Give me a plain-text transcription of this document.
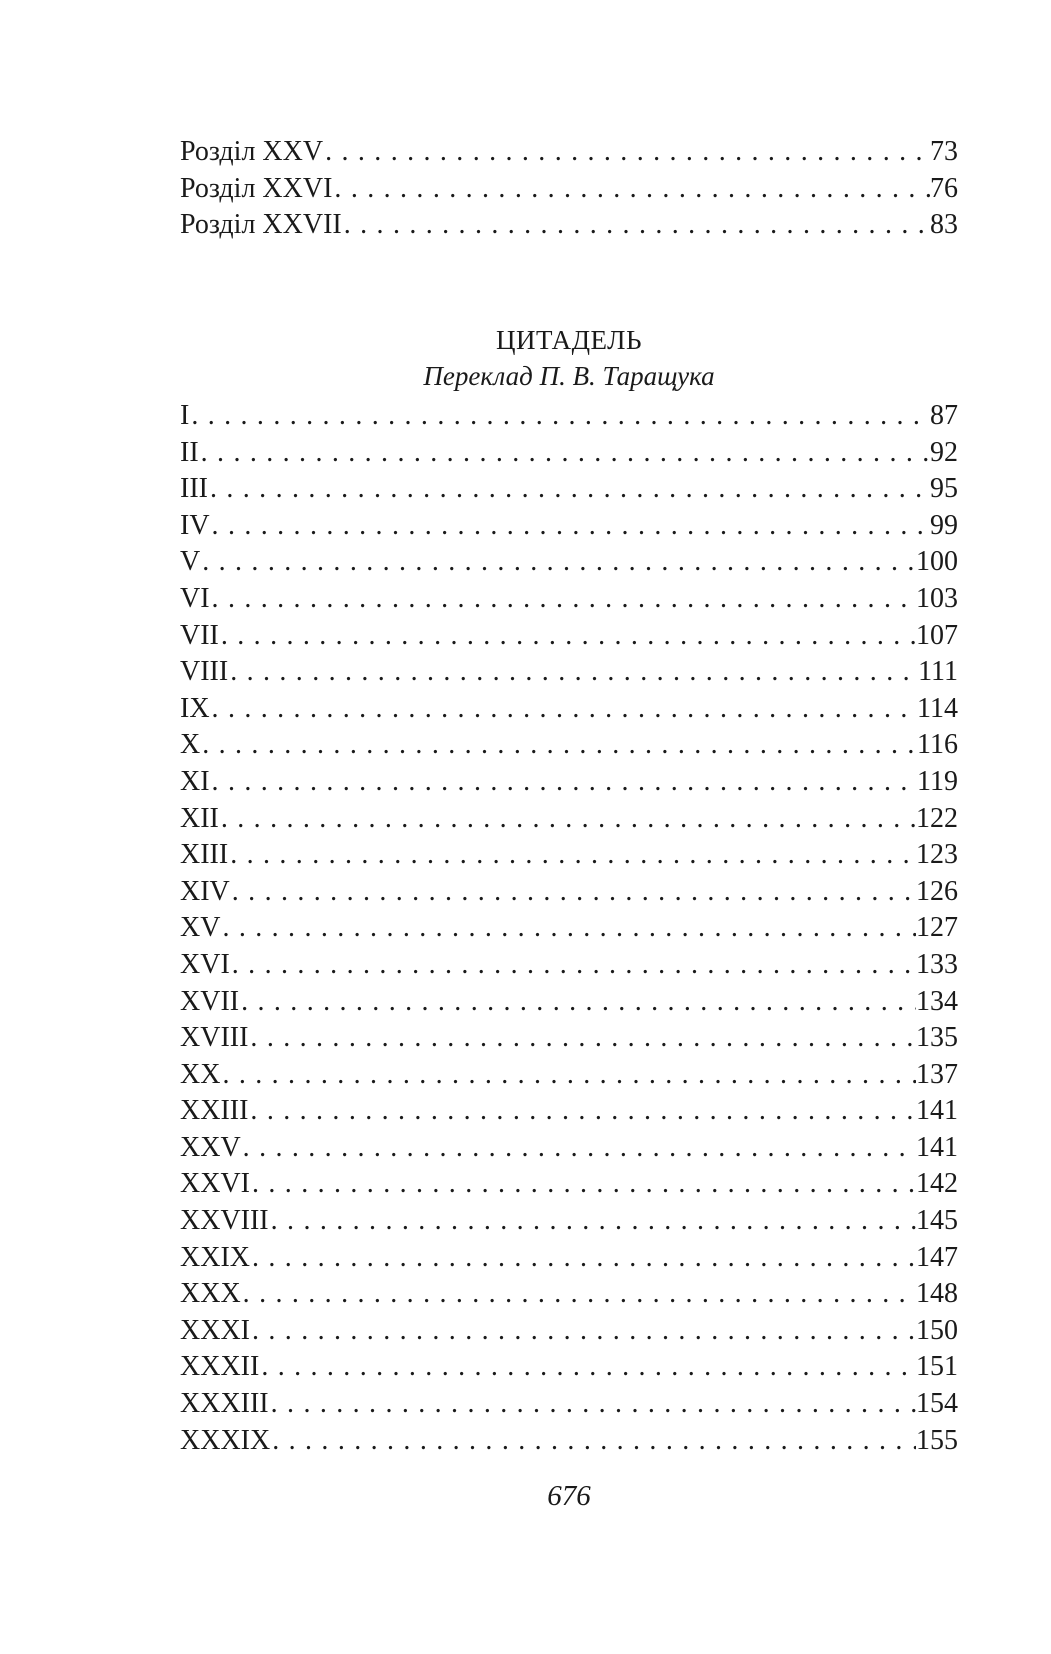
Розділ XXV . . .	73
Розділ XXVI . . .	76
Розділ XXVII . . .	83
ЦИТАДЕЛЬ
Переклад П. В. Таращука
I . . .	87
II . . .	92
III . . .	95
IV . . .	99
V . . .	100
VI . . .	103
VII . . .	107
VIII . . .	111
IX . . .	114
X . . .	116
XI . . .	119
XII . . .	122
XIII . . .	123
XIV . . .	126
XV . . .	127
XVI . . .	133
XVII . . .	134
XVIII . . .	135
XX . . .	137
XXIII . . .	141
XXV . . .	141
XXVI . . .	142
XXVIII . . .	145
XXIX . . .	147
XXX . . .	148
XXXI . . .	150
XXXII . . .	151
XXXIII . . .	154
XXXIX . . .	155
676
